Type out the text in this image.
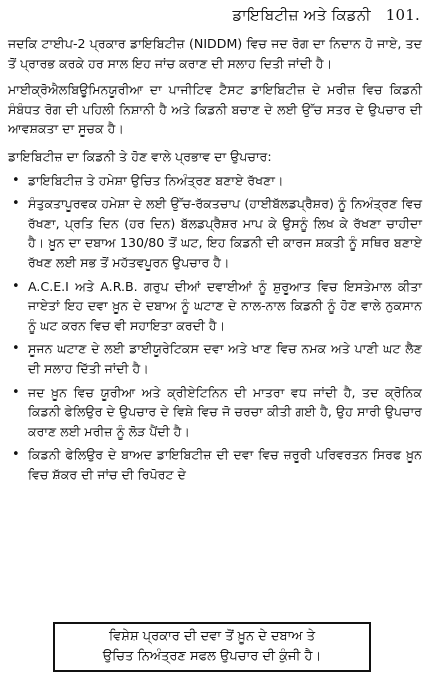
ਡਾਇਬਿਟੀਜ਼ ਅਤੇ ਕਿਡਨੀ 101.

ਜਦਕਿ ਟਾਈਪ-2 ਪ੍ਰਕਾਰ ਡਾਇਬਿਟੀਜ਼ (NIDDM) ਵਿਚ ਜਦ ਰੋਗ ਦਾ ਨਿਦਾਨ ਹੋ ਜਾਏ, ਤਦ ਤੋਂ ਪ੍ਰਾਰਭ ਕਰਕੇ ਹਰ ਸਾਲ ਇਹ ਜਾਂਚ ਕਰਾਣ ਦੀ ਸਲਾਹ ਦਿਤੀ ਜਾਂਦੀ ਹੈ।

ਮਾਈਕ੍ਰੋਐਲਬਿਊਮਿਨਯੂਰੀਆ ਦਾ ਪਾਜੀਟਿਵ ਟੈਸਟ ਡਾਇਬਿਟੀਜ਼ ਦੇ ਮਰੀਜ਼ ਵਿਚ ਕਿਡਨੀ ਸੰਬੰਧਤ ਰੋਗ ਦੀ ਪਹਿਲੀ ਨਿਸ਼ਾਨੀ ਹੈ ਅਤੇ ਕਿਡਨੀ ਬਚਾਣ ਦੇ ਲਈ ਉੱਚ ਸਤਰ ਦੇ ਉਪਚਾਰ ਦੀ ਆਵਸ਼ਕਤਾ ਦਾ ਸੂਚਕ ਹੈ।

ਡਾਇਬਿਟੀਜ਼ ਦਾ ਕਿਡਨੀ ਤੇ ਹੋਣ ਵਾਲੇ ਪ੍ਰਭਾਵ ਦਾ ਉਪਚਾਰ:

• ਡਾਇਬਿਟੀਜ਼ ਤੇ ਹਮੇਸ਼ਾ ਉਚਿਤ ਨਿਅੰਤ੍ਰਣ ਬਣਾਏ ਰੱਖਣਾ।
• ਸੰਤੁਕਤਾਪੂਰਵਕ ਹਮੇਸ਼ਾ ਦੇ ਲਈ ਉੱਚ-ਰੱਕਤਚਾਪ (ਹਾਈਬੱਲਡਪ੍ਰੈਸ਼ਰ) ਨੂੰ ਨਿਅੰਤ੍ਰਣ ਵਿਚ ਰੱਖਣਾ, ਪ੍ਰਤਿ ਦਿਨ (ਹਰ ਦਿਨ) ਬੱਲਡਪ੍ਰੈਸ਼ਰ ਮਾਪ ਕੇ ਉਸਨੂੰ ਲਿਖ ਕੇ ਰੱਖਣਾ ਚਾਹੀਦਾ ਹੈ। ਖ਼ੂਨ ਦਾ ਦਬਾਅ 130/80 ਤੋਂ ਘਟ, ਇਹ ਕਿਡਨੀ ਦੀ ਕਾਰਜ ਸ਼ਕਤੀ ਨੂੰ ਸਥਿਰ ਬਣਾਏ ਰੱਖਣ ਲਈ ਸਭ ਤੋਂ ਮਹੱਤਵਪੂਰਨ ਉਪਚਾਰ ਹੈ।
• A.C.E.I ਅਤੇ A.R.B. ਗਰੁਪ ਦੀਆਂ ਦਵਾਈਆਂ ਨੂੰ ਸ਼ੁਰੂਆਤ ਵਿਚ ਇਸਤੇਮਾਲ ਕੀਤਾ ਜਾਏਤਾਂ ਇਹ ਦਵਾ ਖ਼ੂਨ ਦੇ ਦਬਾਅ ਨੂੰ ਘਟਾਣ ਦੇ ਨਾਲ-ਨਾਲ ਕਿਡਨੀ ਨੂੰ ਹੋਣ ਵਾਲੇ ਨੁਕਸਾਨ ਨੂੰ ਘਟ ਕਰਨ ਵਿਚ ਵੀ ਸਹਾਇਤਾ ਕਰਦੀ ਹੈ।
• ਸੂਜਨ ਘਟਾਣ ਦੇ ਲਈ ਡਾਈਯੂਰੇਟਿਕਸ ਦਵਾ ਅਤੇ ਖਾਣ ਵਿਚ ਨਮਕ ਅਤੇ ਪਾਣੀ ਘਟ ਲੈਣ ਦੀ ਸਲਾਹ ਦਿੱਤੀ ਜਾਂਦੀ ਹੈ।
• ਜਦ ਖ਼ੂਨ ਵਿਚ ਯੂਰੀਆ ਅਤੇ ਕ੍ਰੀਏਟਿਨਿਨ ਦੀ ਮਾਤਰਾ ਵਧ ਜਾਂਦੀ ਹੈ, ਤਦ ਕ੍ਰੋਨਿਕ ਕਿਡਨੀ ਫੇਲਿਉਰ ਦੇ ਉਪਚਾਰ ਦੇ ਵਿਸ਼ੇ ਵਿਚ ਜੋ ਚਰਚਾ ਕੀਤੀ ਗਈ ਹੈ, ਉਹ ਸਾਰੀ ਉਪਚਾਰ ਕਰਾਣ ਲਈ ਮਰੀਜ਼ ਨੂੰ ਲੋੜ ਪੈਂਦੀ ਹੈ।
• ਕਿਡਨੀ ਫੇਲਿਉਰ ਦੇ ਬਾਅਦ ਡਾਇਬਿਟੀਜ਼ ਦੀ ਦਵਾ ਵਿਚ ਜ਼ਰੂਰੀ ਪਰਿਵਰਤਨ ਸਿਰਫ ਖ਼ੂਨ ਵਿਚ ਸ਼ੱਕਰ ਦੀ ਜਾਂਚ ਦੀ ਰਿਪੋਰਟ ਦੇ
ਵਿਸ਼ੇਸ਼ ਪ੍ਰਕਾਰ ਦੀ ਦਵਾ ਤੋਂ ਖ਼ੂਨ ਦੇ ਦਬਾਅ ਤੇ
ਉਚਿਤ ਨਿਅੰਤ੍ਰਣ ਸਫਲ ਉਪਚਾਰ ਦੀ ਕੁੰਜੀ ਹੈ।
